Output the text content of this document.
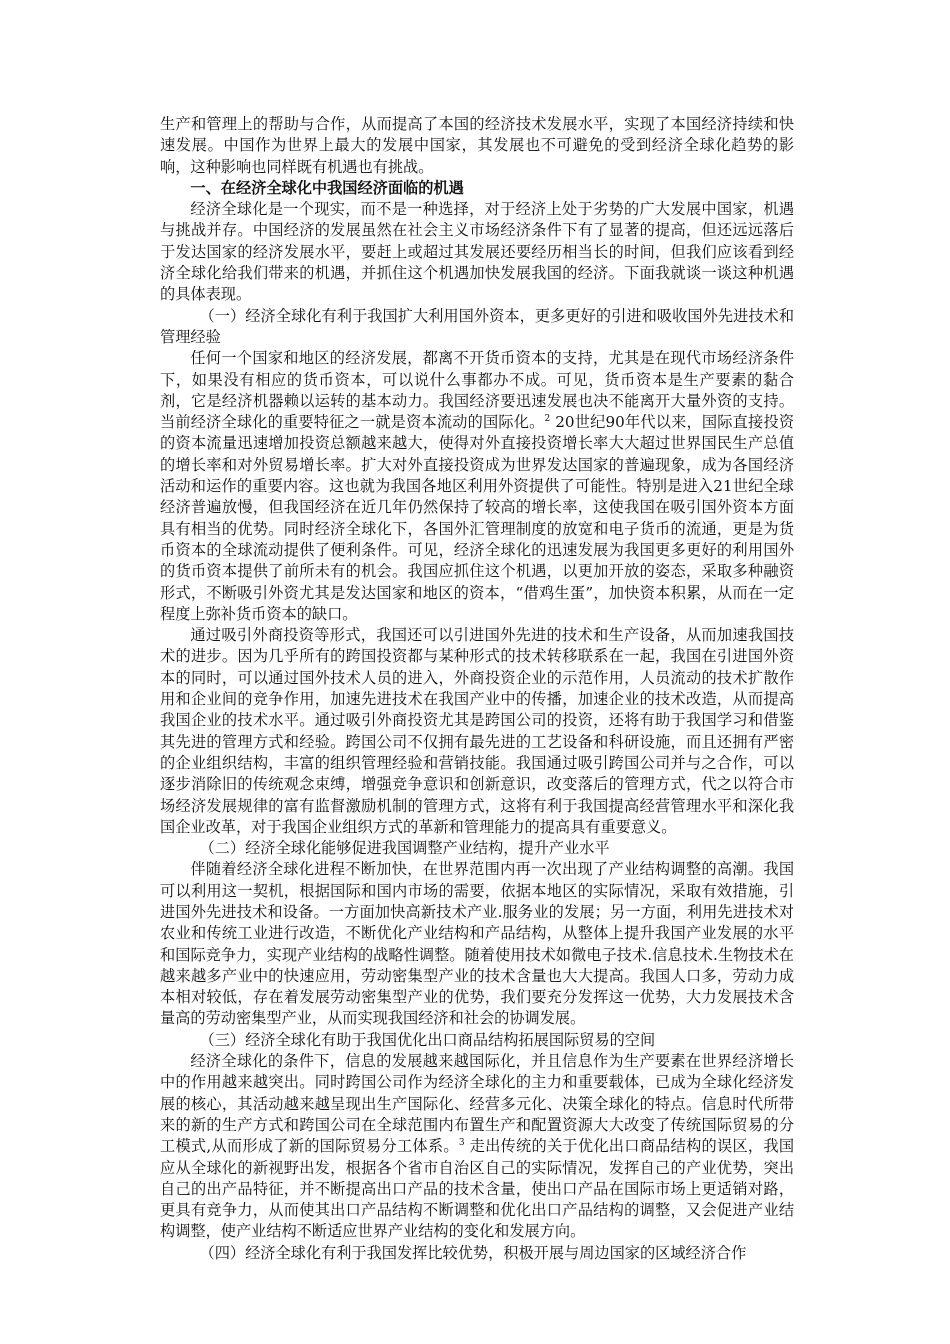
生产和管理上的帮助与合作，从而提高了本国的经济技术发展水平，实现了本国经济持续和快速发展。中国作为世界上最大的发展中国家，其发展也不可避免的受到经济全球化趋势的影响，这种影响也同样既有机遇也有挑战。

一、在经济全球化中我国经济面临的机遇

经济全球化是一个现实，而不是一种选择，对于经济上处于劣势的广大发展中国家，机遇与挑战并存。中国经济的发展虽然在社会主义市场经济条件下有了显著的提高，但还远远落后于发达国家的经济发展水平，要赶上或超过其发展还要经历相当长的时间，但我们应该看到经济全球化给我们带来的机遇，并抓住这个机遇加快发展我国的经济。下面我就谈一谈这种机遇的具体表现。

（一）经济全球化有利于我国扩大利用国外资本，更多更好的引进和吸收国外先进技术和管理经验

任何一个国家和地区的经济发展，都离不开货币资本的支持，尤其是在现代市场经济条件下，如果没有相应的货币资本，可以说什么事都办不成。可见，货币资本是生产要素的黏合剂，它是经济机器赖以运转的基本动力。我国经济要迅速发展也决不能离开大量外资的支持。当前经济全球化的重要特征之一就是资本流动的国际化。$^2$ 20世纪90年代以来，国际直接投资的资本流量迅速增加投资总额越来越大，使得对外直接投资增长率大大超过世界国民生产总值的增长率和对外贸易增长率。扩大对外直接投资成为世界发达国家的普遍现象，成为各国经济活动和运作的重要内容。这也就为我国各地区利用外资提供了可能性。特别是进入21世纪全球经济普遍放慢，但我国经济在近几年仍然保持了较高的增长率，这使我国在吸引国外资本方面具有相当的优势。同时经济全球化下，各国外汇管理制度的放宽和电子货币的流通，更是为货币资本的全球流动提供了便利条件。可见，经济全球化的迅速发展为我国更多更好的利用国外的货币资本提供了前所未有的机会。我国应抓住这个机遇，以更加开放的姿态，采取多种融资形式，不断吸引外资尤其是发达国家和地区的资本，“借鸡生蛋”，加快资本积累，从而在一定程度上弥补货币资本的缺口。

通过吸引外商投资等形式，我国还可以引进国外先进的技术和生产设备，从而加速我国技术的进步。因为几乎所有的跨国投资都与某种形式的技术转移联系在一起，我国在引进国外资本的同时，可以通过国外技术人员的进入，外商投资企业的示范作用，人员流动的技术扩散作用和企业间的竞争作用，加速先进技术在我国产业中的传播，加速企业的技术改造，从而提高我国企业的技术水平。通过吸引外商投资尤其是跨国公司的投资，还将有助于我国学习和借鉴其先进的管理方式和经验。跨国公司不仅拥有最先进的工艺设备和科研设施，而且还拥有严密的企业组织结构，丰富的组织管理经验和营销技能。我国通过吸引跨国公司并与之合作，可以逐步消除旧的传统观念束缚，增强竞争意识和创新意识，改变落后的管理方式，代之以符合市场经济发展规律的富有监督激励机制的管理方式，这将有利于我国提高经营管理水平和深化我国企业改革，对于我国企业组织方式的革新和管理能力的提高具有重要意义。

（二）经济全球化能够促进我国调整产业结构，提升产业水平

伴随着经济全球化进程不断加快，在世界范围内再一次出现了产业结构调整的高潮。我国可以利用这一契机，根据国际和国内市场的需要，依据本地区的实际情况，采取有效措施，引进国外先进技术和设备。一方面加快高新技术产业.服务业的发展；另一方面，利用先进技术对农业和传统工业进行改造，不断优化产业结构和产品结构，从整体上提升我国产业发展的水平和国际竞争力，实现产业结构的战略性调整。随着使用技术如微电子技术.信息技术.生物技术在越来越多产业中的快速应用，劳动密集型产业的技术含量也大大提高。我国人口多，劳动力成本相对较低，存在着发展劳动密集型产业的优势，我们要充分发挥这一优势，大力发展技术含量高的劳动密集型产业，从而实现我国经济和社会的协调发展。

（三）经济全球化有助于我国优化出口商品结构拓展国际贸易的空间

经济全球化的条件下，信息的发展越来越国际化，并且信息作为生产要素在世界经济增长中的作用越来越突出。同时跨国公司作为经济全球化的主力和重要载体，已成为全球化经济发展的核心，其活动越来越呈现出生产国际化、经营多元化、决策全球化的特点。信息时代所带来的新的生产方式和跨国公司在全球范围内布置生产和配置资源大大改变了传统国际贸易的分工模式,从而形成了新的国际贸易分工体系。$^3$ 走出传统的关于优化出口商品结构的误区，我国应从全球化的新视野出发，根据各个省市自治区自己的实际情况，发挥自己的产业优势，突出自己的出产品特征，并不断提高出口产品的技术含量，使出口产品在国际市场上更适销对路，更具有竞争力，从而使其出口产品结构不断调整和优化出口产品结构的调整，又会促进产业结构调整，使产业结构不断适应世界产业结构的变化和发展方向。

（四）经济全球化有利于我国发挥比较优势，积极开展与周边国家的区域经济合作
